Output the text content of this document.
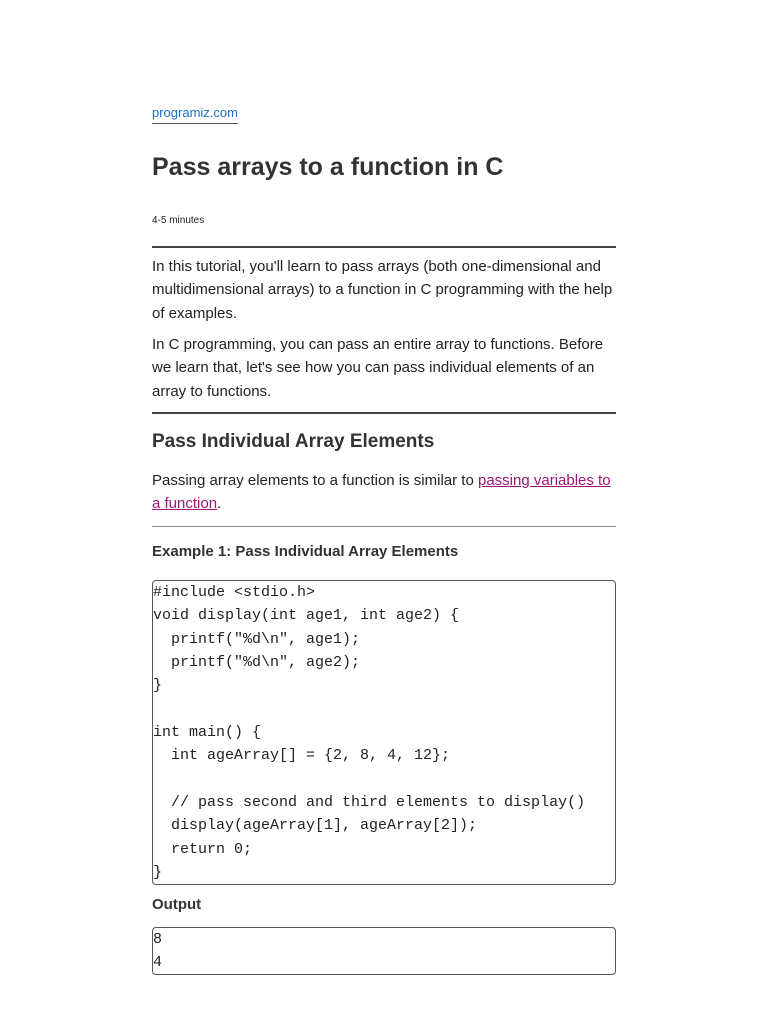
programiz.com
Pass arrays to a function in C
4-5 minutes

In this tutorial, you'll learn to pass arrays (both one-dimensional and multidimensional arrays) to a function in C programming with the help of examples.

In C programming, you can pass an entire array to functions. Before we learn that, let's see how you can pass individual elements of an array to functions.

Pass Individual Array Elements

Passing array elements to a function is similar to passing variables to a function.

Example 1: Pass Individual Array Elements
#include <stdio.h>
void display(int age1, int age2) {
printf("%d\n", age1);
printf("%d\n", age2);
}
int main() {
int ageArray[] = {2, 8, 4, 12};
// pass second and third elements to display()
display(ageArray[1], ageArray[2]);
return 0;
}
Output
8
4
